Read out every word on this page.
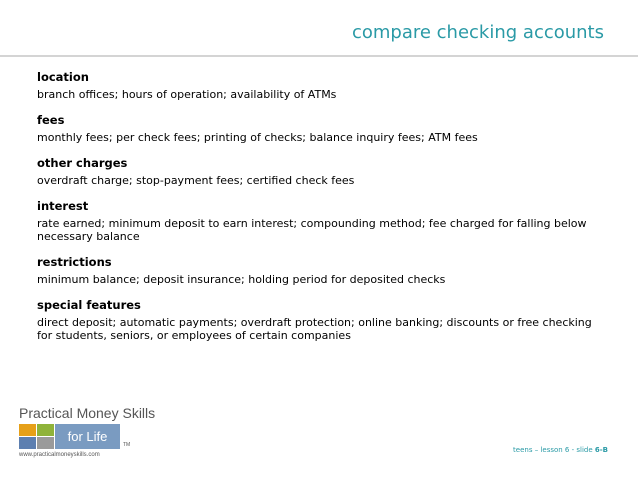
compare checking accounts
location
branch offices; hours of operation; availability of ATMs
fees
monthly fees; per check fees; printing of checks; balance inquiry fees; ATM fees
other charges
overdraft charge; stop-payment fees; certified check fees
interest
rate earned; minimum deposit to earn interest; compounding method; fee charged for falling below necessary balance
restrictions
minimum balance; deposit insurance; holding period for deposited checks
special features
direct deposit; automatic payments; overdraft protection; online banking; discounts or free checking for students, seniors, or employees of certain companies
Practical Money Skills
for Life
TM
www.practicalmoneyskills.com
teens – lesson 6 - slide 6-B
